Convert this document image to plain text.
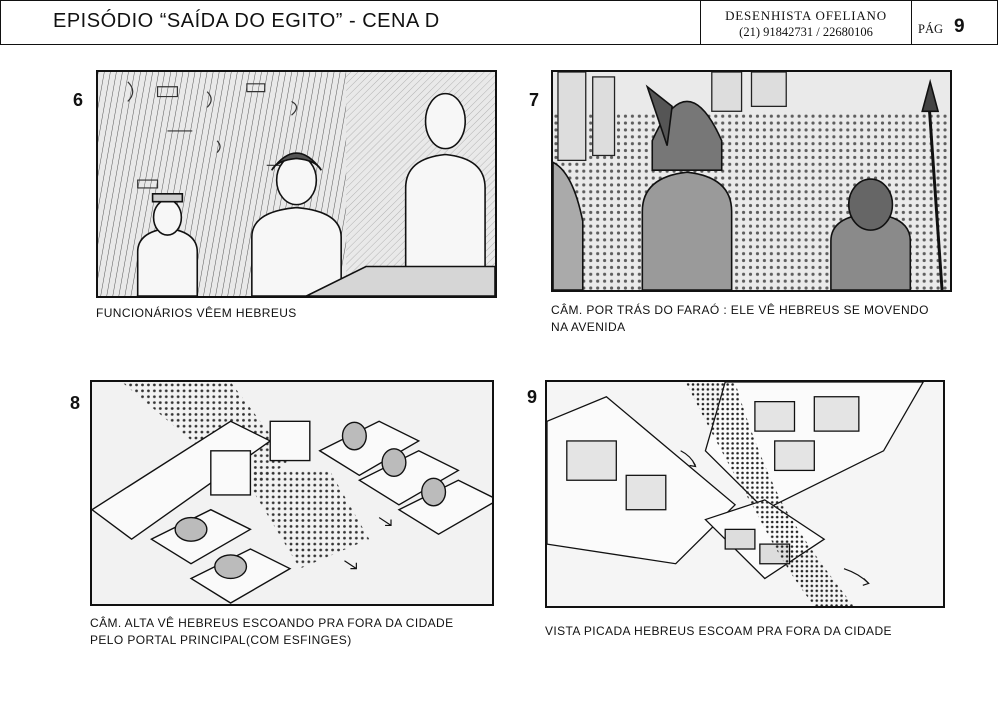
EPISÓDIO “SAÍDA DO EGITO” - CENA D	DESENHISTA OFELIANO
(21) 91842731 / 22680106	PÁG 9
6
FUNCIONÁRIOS VÊEM HEBREUS
7
CÂM. POR TRÁS DO FARAÓ : ELE VÊ HEBREUS SE MOVENDO
NA AVENIDA
8
CÂM. ALTA VÊ HEBREUS ESCOANDO PRA FORA DA CIDADE
PELO PORTAL PRINCIPAL(COM ESFINGES)
9
VISTA PICADA HEBREUS ESCOAM PRA FORA DA CIDADE
